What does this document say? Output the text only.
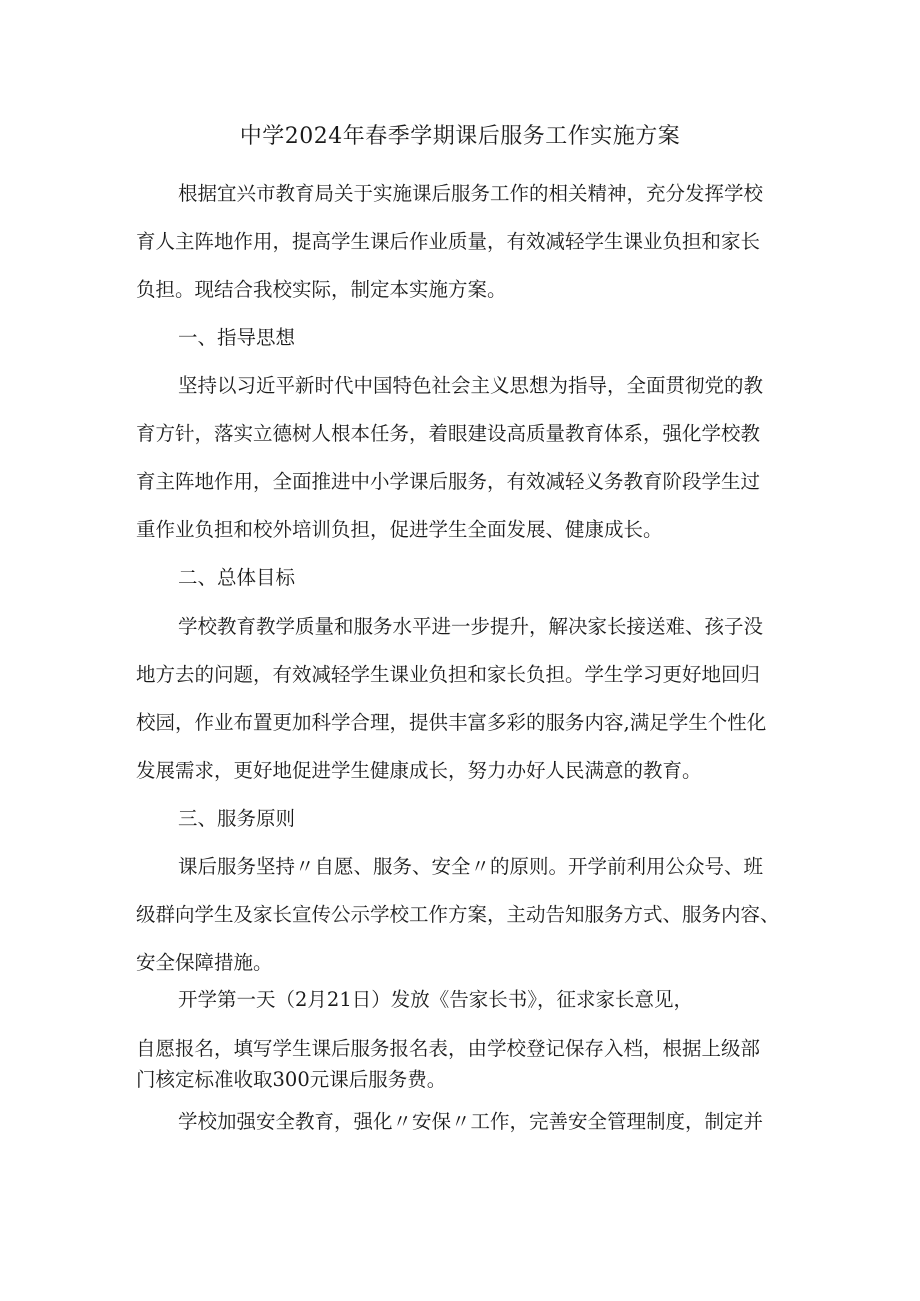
中学2024年春季学期课后服务工作实施方案
根据宜兴市教育局关于实施课后服务工作的相关精神，充分发挥学校
育人主阵地作用，提高学生课后作业质量，有效减轻学生课业负担和家长
负担。现结合我校实际，制定本实施方案。
一、指导思想
坚持以习近平新时代中国特色社会主义思想为指导，全面贯彻党的教
育方针，落实立德树人根本任务，着眼建设高质量教育体系，强化学校教
育主阵地作用，全面推进中小学课后服务，有效减轻义务教育阶段学生过
重作业负担和校外培训负担，促进学生全面发展、健康成长。
二、总体目标
学校教育教学质量和服务水平进一步提升，解决家长接送难、孩子没
地方去的问题，有效减轻学生课业负担和家长负担。学生学习更好地回归
校园，作业布置更加科学合理，提供丰富多彩的服务内容,满足学生个性化
发展需求，更好地促进学生健康成长，努力办好人民满意的教育。
三、服务原则
课后服务坚持〃自愿、服务、安全〃的原则。开学前利用公众号、班
级群向学生及家长宣传公示学校工作方案，主动告知服务方式、服务内容、
安全保障措施。
开学第一天（2月21日）发放《告家长书》，征求家长意见，
自愿报名，填写学生课后服务报名表，由学校登记保存入档，根据上级部
门核定标准收取300元课后服务费。
学校加强安全教育，强化〃安保〃工作，完善安全管理制度，制定并
